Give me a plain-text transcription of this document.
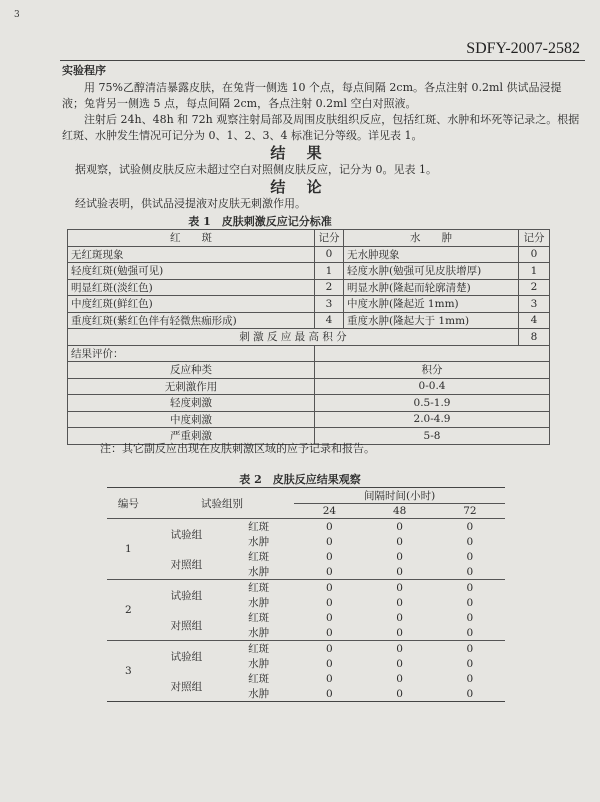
3
SDFY-2007-2582
实验程序
用 75%乙醇清洁暴露皮肤，在兔背一侧选 10 个点，每点间隔 2cm。各点注射 0.2ml 供试品浸提液；兔背另一侧选 5 点，每点间隔 2cm，各点注射 0.2ml 空白对照液。
注射后 24h、48h 和 72h 观察注射局部及周围皮肤组织反应，包括红斑、水肿和坏死等记录之。根据红斑、水肿发生情况可记分为 0、1、2、3、4 标准记分等级。详见表 1。
结 果
据观察，试验侧皮肤反应未超过空白对照侧皮肤反应，记分为 0。见表 1。
结 论
经试验表明，供试品浸提液对皮肤无刺激作用。
表 1　皮肤刺激反应记分标准
红　　斑	记分	水　　肿	记分
无红斑现象	0	无水肿现象	0
轻度红斑(勉强可见)	1	轻度水肿(勉强可见皮肤增厚)	1
明显红斑(淡红色)	2	明显水肿(隆起而轮廓清楚)	2
中度红斑(鲜红色)	3	中度水肿(隆起近 1mm)	3
重度红斑(紫红色伴有轻微焦痂形成)	4	重度水肿(隆起大于 1mm)	4
刺 激 反 应 最 高 积 分			8
结果评价：			
反应种类	积分		
无刺激作用	0-0.4		
轻度刺激	0.5-1.9		
中度刺激	2.0-4.9		
严重刺激	5-8		
注：其它副反应出现在皮肤刺激区域的应予记录和报告。
表 2　皮肤反应结果观察
编号	试验组别		间隔时间(小时)		
			24	48	72
1	试验组	红斑	0	0	0
		水肿	0	0	0
	对照组	红斑	0	0	0
		水肿	0	0	0
2	试验组	红斑	0	0	0
		水肿	0	0	0
	对照组	红斑	0	0	0
		水肿	0	0	0
3	试验组	红斑	0	0	0
		水肿	0	0	0
	对照组	红斑	0	0	0
		水肿	0	0	0
